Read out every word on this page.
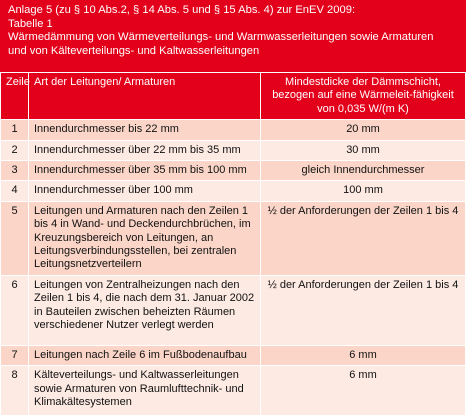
Anlage 5 (zu § 10 Abs.2, § 14 Abs. 5 und § 15 Abs. 4) zur EnEV 2009:
Tabelle 1
Wärmedämmung von Wärmeverteilungs- und Warmwasserleitungen sowie Armaturen
und von Kälteverteilungs- und Kaltwasserleitungen
Zeile	Art der Leitungen/ Armaturen	Mindestdicke der Dämmschicht, bezogen auf eine Wärmeleit-fähigkeit von 0,035 W/(m K)
1	Innendurchmesser bis 22 mm	20 mm
2	Innendurchmesser über 22 mm bis 35 mm	30 mm
3	Innendurchmesser über 35 mm bis 100 mm	gleich Innendurchmesser
4	Innendurchmesser über 100 mm	100 mm
5	Leitungen und Armaturen nach den Zeilen 1 bis 4 in Wand- und Deckendurchbrüchen, im Kreuzungsbereich von Leitungen, an Leitungsverbindungsstellen, bei zentralen Leitungsnetzverteilern	½ der Anforderungen der Zeilen 1 bis 4
6	Leitungen von Zentralheizungen nach den Zeilen 1 bis 4, die nach dem 31. Januar 2002 in Bauteilen zwischen beheizten Räumen verschiedener Nutzer verlegt werden	½ der Anforderungen der Zeilen 1 bis 4
7	Leitungen nach Zeile 6 im Fußbodenaufbau	6 mm
8	Kälteverteilungs- und Kaltwasserleitungen sowie Armaturen von Raumlufttechnik- und Klimakältesystemen	6 mm
